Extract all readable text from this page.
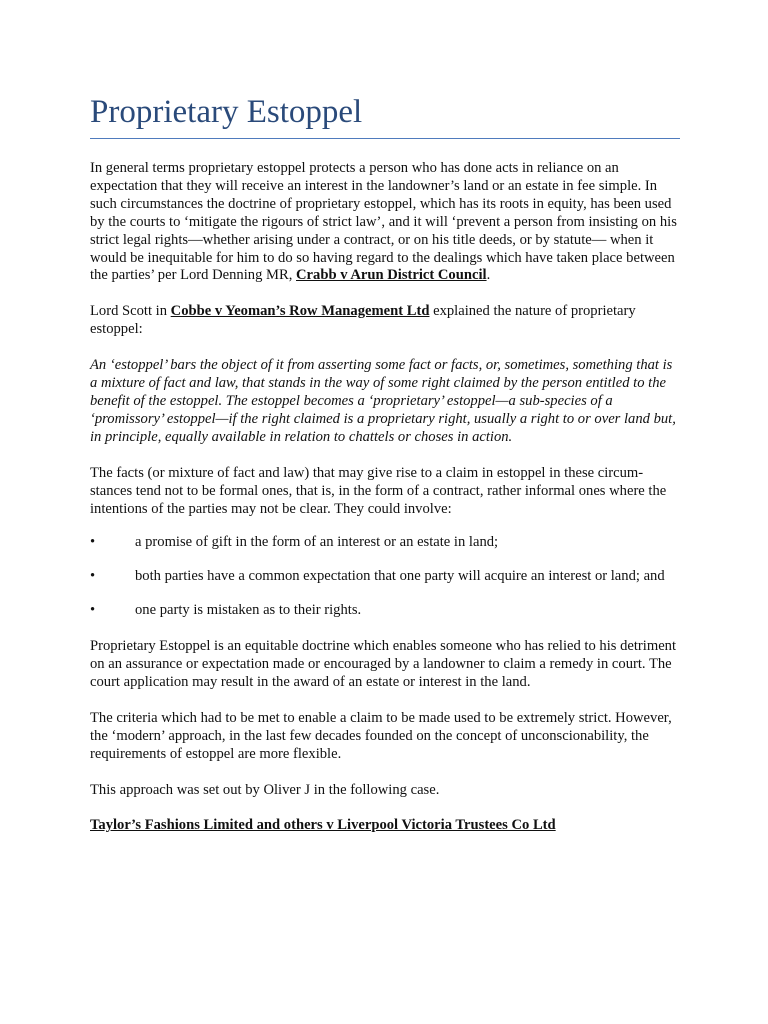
Proprietary Estoppel

In general terms proprietary estoppel protects a person who has done acts in reliance on an expectation that they will receive an interest in the landowner’s land or an estate in fee simple. In such circumstances the doctrine of proprietary estoppel, which has its roots in equity, has been used by the courts to ‘mitigate the rigours of strict law’, and it will ‘prevent a person from insisting on his strict legal rights—whether arising under a contract, or on his title deeds, or by statute— when it would be inequitable for him to do so having regard to the dealings which have taken place between the parties’ per Lord Denning MR, Crabb v Arun District Council.

Lord Scott in Cobbe v Yeoman’s Row Management Ltd explained the nature of proprietary estoppel:

An ‘estoppel’ bars the object of it from asserting some fact or facts, or, sometimes, something that is a mixture of fact and law, that stands in the way of some right claimed by the person entitled to the benefit of the estoppel. The estoppel becomes a ‘proprietary’ estoppel—a sub-species of a ‘promissory’ estoppel—if the right claimed is a proprietary right, usually a right to or over land but, in principle, equally available in relation to chattels or choses in action.

The facts (or mixture of fact and law) that may give rise to a claim in estoppel in these circum-stances tend not to be formal ones, that is, in the form of a contract, rather informal ones where the intentions of the parties may not be clear. They could involve:

•	a promise of gift in the form of an interest or an estate in land;
•	both parties have a common expectation that one party will acquire an interest or land; and
•	one party is mistaken as to their rights.

Proprietary Estoppel is an equitable doctrine which enables someone who has relied to his detriment on an assurance or expectation made or encouraged by a landowner to claim a remedy in court. The court application may result in the award of an estate or interest in the land.

The criteria which had to be met to enable a claim to be made used to be extremely strict. However, the ‘modern’ approach, in the last few decades founded on the concept of unconscionability, the requirements of estoppel are more flexible.

This approach was set out by Oliver J in the following case.

Taylor’s Fashions Limited and others v Liverpool Victoria Trustees Co Ltd
